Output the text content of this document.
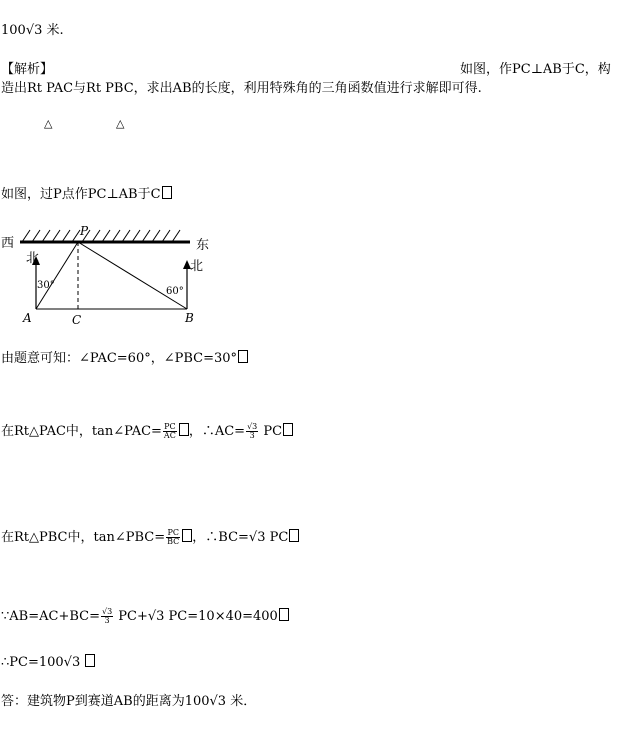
100√3 米.
【解析】	如图，作PC⊥AB于C，构
造出Rt PAC与Rt PBC，求出AB的长度，利用特殊角的三角函数值进行求解即可得.
△	△
如图，过P点作PC⊥AB于C
西	东
北
北
P
A	C	B
30°
60°
由题意可知：∠PAC=60°，∠PBC=30°
在Rt△PAC中，tan∠PAC= $\frac{PC}{AC}$ ，∴AC= $\frac{√3}{3}$ PC
在Rt△PBC中，tan∠PBC= $\frac{PC}{BC}$ ，∴BC=√3 PC
∵AB=AC+BC= $\frac{√3}{3} PC+√3$ PC=10×40=400
∴PC=100√3
答：建筑物P到赛道AB的距离为100√3 米．
